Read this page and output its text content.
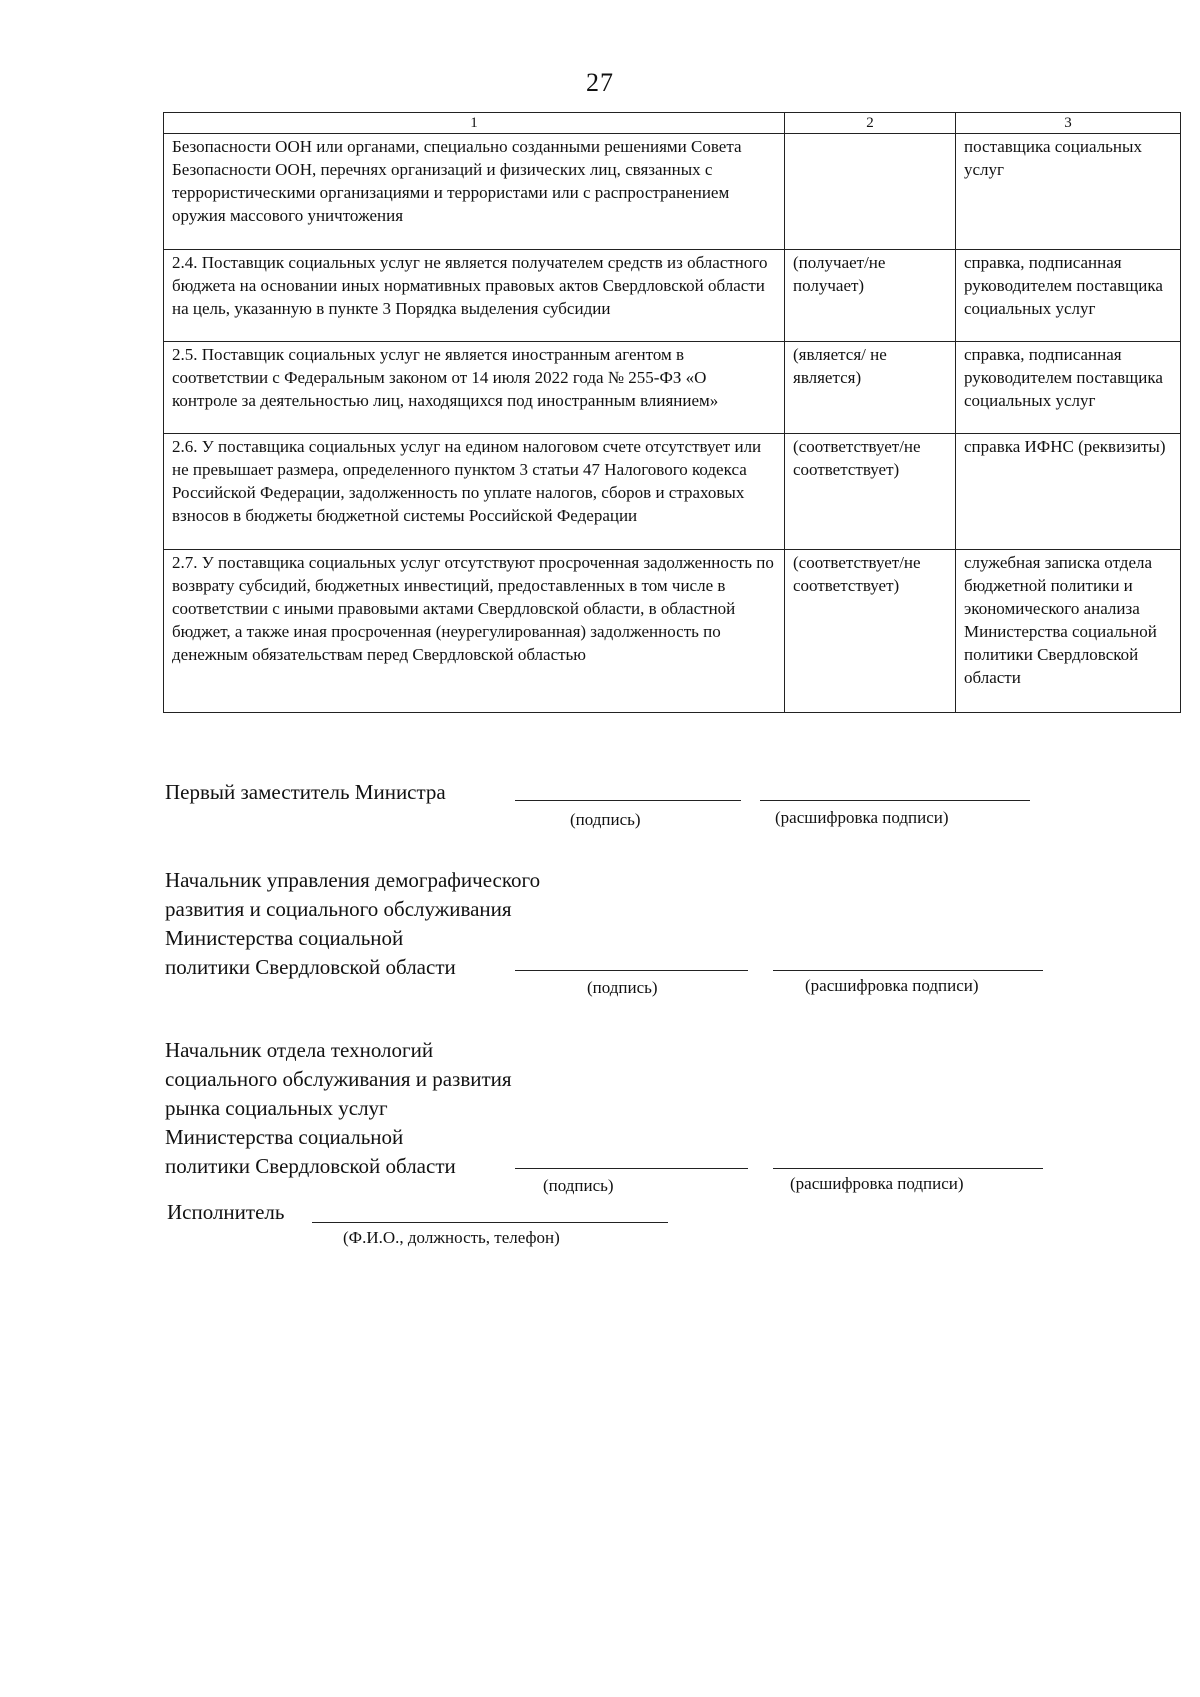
27
1	2	3
Безопасности ООН или органами, специально созданными решениями Совета Безопасности ООН, перечнях организаций и физических лиц, связанных с террористическими организациями и террористами или с распространением оружия массового уничтожения		поставщика социальных услуг
2.4. Поставщик социальных услуг не является получателем средств из областного бюджета на основании иных нормативных правовых актов Свердловской области на цель, указанную в пункте 3 Порядка выделения субсидии	(получает/не получает)	справка, подписанная руководителем поставщика социальных услуг
2.5. Поставщик социальных услуг не является иностранным агентом в соответствии с Федеральным законом от 14 июля 2022 года № 255-ФЗ «О контроле за деятельностью лиц, находящихся под иностранным влиянием»	(является/ не является)	справка, подписанная руководителем поставщика социальных услуг
2.6. У поставщика социальных услуг на едином налоговом счете отсутствует или не превышает размера, определенного пунктом 3 статьи 47 Налогового кодекса Российской Федерации, задолженность по уплате налогов, сборов и страховых взносов в бюджеты бюджетной системы Российской Федерации	(соответствует/не соответствует)	справка ИФНС (реквизиты)
2.7. У поставщика социальных услуг отсутствуют просроченная задолженность по возврату субсидий, бюджетных инвестиций, предоставленных в том числе в соответствии с иными правовыми актами Свердловской области, в областной бюджет, а также иная просроченная (неурегулированная) задолженность по денежным обязательствам перед Свердловской областью	(соответствует/не соответствует)	служебная записка отдела бюджетной политики и экономического анализа Министерства социальной политики Свердловской области
Первый заместитель Министра
(подпись)	(расшифровка подписи)
Начальник управления демографического
развития и социального обслуживания
Министерства социальной
политики Свердловской области
(подпись)	(расшифровка подписи)
Начальник отдела технологий
социального обслуживания и развития
рынка социальных услуг
Министерства социальной
политики Свердловской области
(подпись)	(расшифровка подписи)
Исполнитель
(Ф.И.О., должность, телефон)
